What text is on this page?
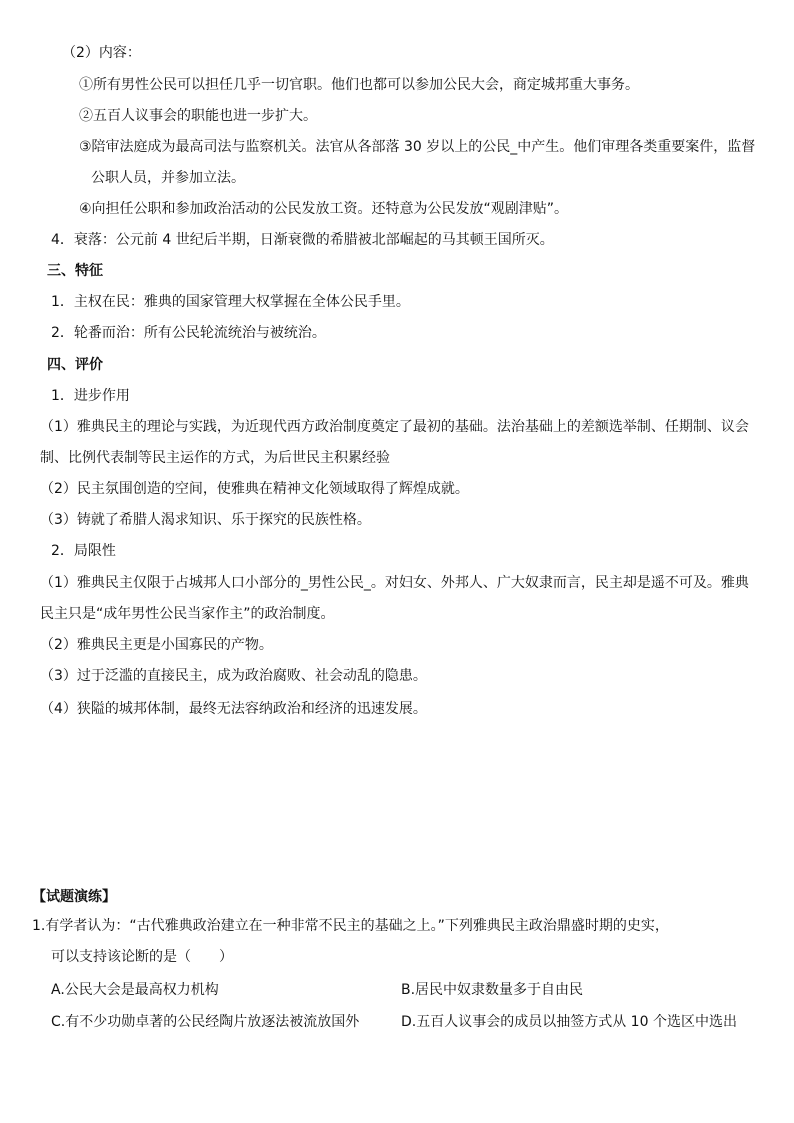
（2）内容：
①所有男性公民可以担任几乎一切官职。他们也都可以参加公民大会，商定城邦重大事务。
②五百人议事会的职能也进一步扩大。
③陪审法庭成为最高司法与监察机关。法官从各部落 30 岁以上的公民_中产生。他们审理各类重要案件，监督
公职人员，并参加立法。
④向担任公职和参加政治活动的公民发放工资。还特意为公民发放“观剧津贴”。
4．衰落：公元前 4 世纪后半期，日渐衰微的希腊被北部崛起的马其顿王国所灭。
三、特征
1．主权在民：雅典的国家管理大权掌握在全体公民手里。
2．轮番而治：所有公民轮流统治与被统治。
四、评价
1．进步作用
（1）雅典民主的理论与实践，为近现代西方政治制度奠定了最初的基础。法治基础上的差额选举制、任期制、议会
制、比例代表制等民主运作的方式，为后世民主积累经验
（2）民主氛围创造的空间，使雅典在精神文化领域取得了辉煌成就。
（3）铸就了希腊人渴求知识、乐于探究的民族性格。
2．局限性
（1）雅典民主仅限于占城邦人口小部分的_男性公民_。对妇女、外邦人、广大奴隶而言，民主却是遥不可及。雅典
民主只是“成年男性公民当家作主”的政治制度。
（2）雅典民主更是小国寡民的产物。
（3）过于泛滥的直接民主，成为政治腐败、社会动乱的隐患。
（4）狭隘的城邦体制，最终无法容纳政治和经济的迅速发展。
【试题演练】
1.有学者认为：“古代雅典政治建立在一种非常不民主的基础之上。”下列雅典民主政治鼎盛时期的史实，
可以支持该论断的是（　　）
A.公民大会是最高权力机构	B.居民中奴隶数量多于自由民
C.有不少功勋卓著的公民经陶片放逐法被流放国外	D.五百人议事会的成员以抽签方式从 10 个选区中选出
